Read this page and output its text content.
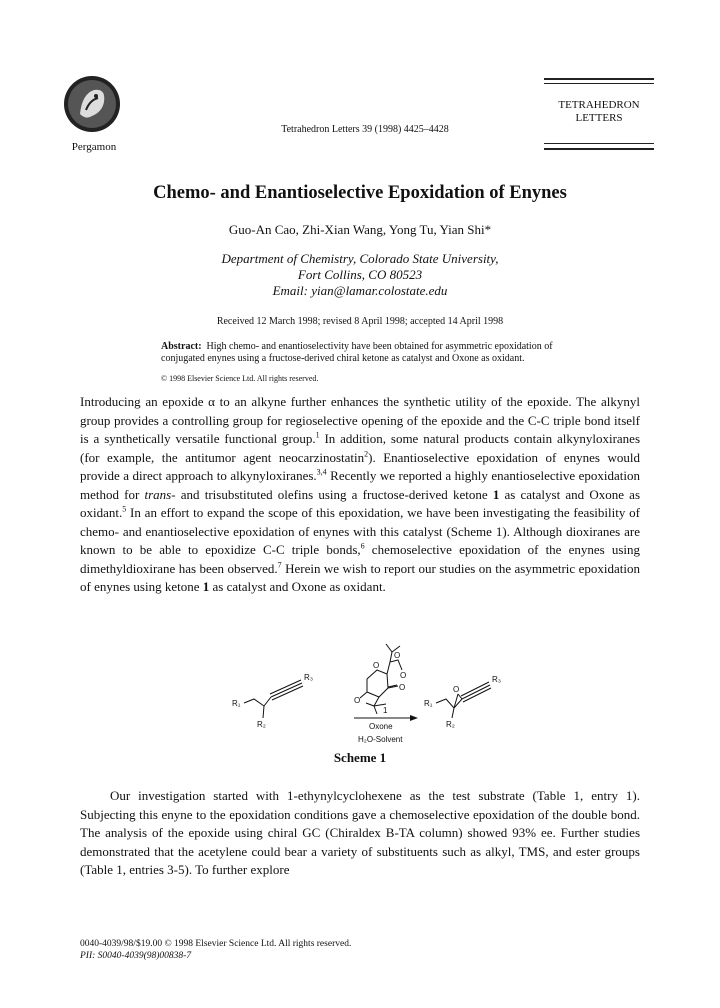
Pergamon
Tetrahedron Letters 39 (1998) 4425–4428
TETRAHEDRON
LETTERS
Chemo- and Enantioselective Epoxidation of Enynes
Guo-An Cao, Zhi-Xian Wang, Yong Tu, Yian Shi*
Department of Chemistry, Colorado State University,
Fort Collins, CO 80523
Email: yian@lamar.colostate.edu
Received 12 March 1998; revised 8 April 1998; accepted 14 April 1998
Abstract: High chemo- and enantioselectivity have been obtained for asymmetric epoxidation of conjugated enynes using a fructose-derived chiral ketone as catalyst and Oxone as oxidant.
© 1998 Elsevier Science Ltd. All rights reserved.
Introducing an epoxide α to an alkyne further enhances the synthetic utility of the epoxide. The alkynyl group provides a controlling group for regioselective opening of the epoxide and the C-C triple bond itself is a synthetically versatile functional group.$^1$ In addition, some natural products contain alkynyloxiranes (for example, the antitumor agent neocarzinostatin$^2$). Enantioselective epoxidation of enynes would provide a direct approach to alkynyloxiranes.$^{3,4}$ Recently we reported a highly enantioselective epoxidation method for trans- and trisubstituted olefins using a fructose-derived ketone 1 as catalyst and Oxone as oxidant.$^5$ In an effort to expand the scope of this epoxidation, we have been investigating the feasibility of chemo- and enantioselective epoxidation of enynes with this catalyst (Scheme 1). Although dioxiranes are known to be able to epoxidize C-C triple bonds,$^6$ chemoselective epoxidation of the enynes using dimethyldioxirane has been observed.$^7$ Herein we wish to report our studies on the asymmetric epoxidation of enynes using ketone 1 as catalyst and Oxone as oxidant.
R₁
R₂
R₃
O
O
O
O
O
1
Oxone
H₂O-Solvent
R₁
R₂
O
R₃
Scheme 1
Our investigation started with 1-ethynylcyclohexene as the test substrate (Table 1, entry 1). Subjecting this enyne to the epoxidation conditions gave a chemoselective epoxidation of the double bond. The analysis of the epoxide using chiral GC (Chiraldex B-TA column) showed 93% ee. Further studies demonstrated that the acetylene could bear a variety of substituents such as alkyl, TMS, and ester groups (Table 1, entries 3-5). To further explore
0040-4039/98/$19.00 © 1998 Elsevier Science Ltd. All rights reserved.
PII: S0040-4039(98)00838-7
